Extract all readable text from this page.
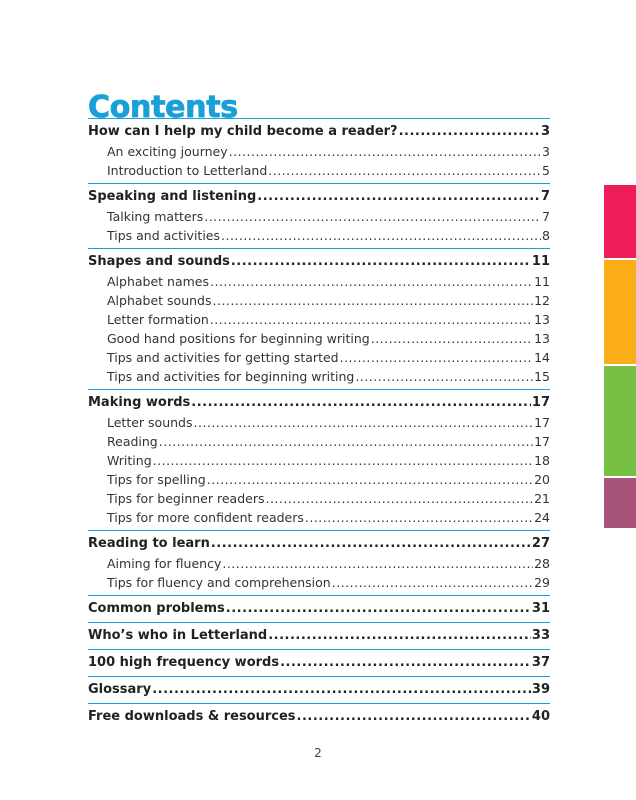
Contents
How can I help my child become a reader? .....	3
An exciting journey .....	3
Introduction to Letterland .....	5
Speaking and listening .....	7
Talking matters .....	7
Tips and activities .....	8
Shapes and sounds .....	11
Alphabet names .....	11
Alphabet sounds .....	12
Letter formation .....	13
Good hand positions for beginning writing .....	13
Tips and activities for getting started .....	14
Tips and activities for beginning writing .....	15
Making words .....	17
Letter sounds .....	17
Reading .....	17
Writing .....	18
Tips for spelling .....	20
Tips for beginner readers .....	21
Tips for more confident readers .....	24
Reading to learn .....	27
Aiming for fluency .....	28
Tips for fluency and comprehension .....	29
Common problems .....	31
Who’s who in Letterland .....	33
100 high frequency words .....	37
Glossary .....	39
Free downloads & resources .....	40
2
